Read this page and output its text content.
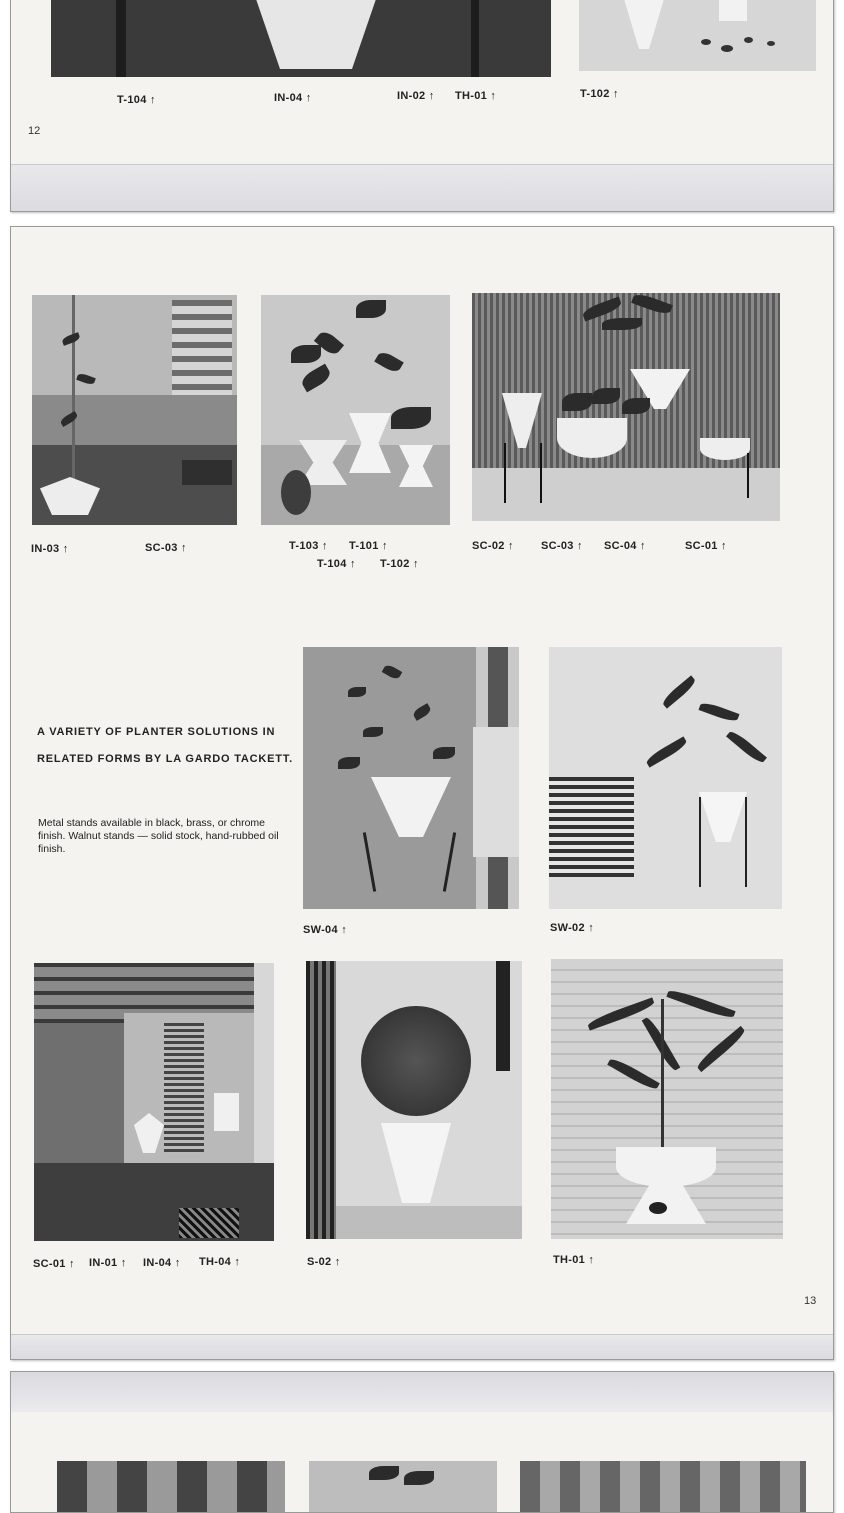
T-104 ↑	IN-04 ↑	IN-02 ↑ TH-01 ↑	T-102 ↑
12
IN-03 ↑	SC-03 ↑	T-103 ↑ T-101 ↑
T-104 ↑ T-102 ↑
SC-02 ↑ SC-03 ↑ SC-04 ↑	SC-01 ↑
A VARIETY OF PLANTER SOLUTIONS IN
RELATED FORMS BY LA GARDO TACKETT.
Metal stands available in black, brass, or chrome finish. Walnut stands — solid stock, hand-rubbed oil finish.
SW-04 ↑	SW-02 ↑
SC-01 ↑ IN-01 ↑ IN-04 ↑ TH-04 ↑	S-02 ↑	TH-01 ↑
13
